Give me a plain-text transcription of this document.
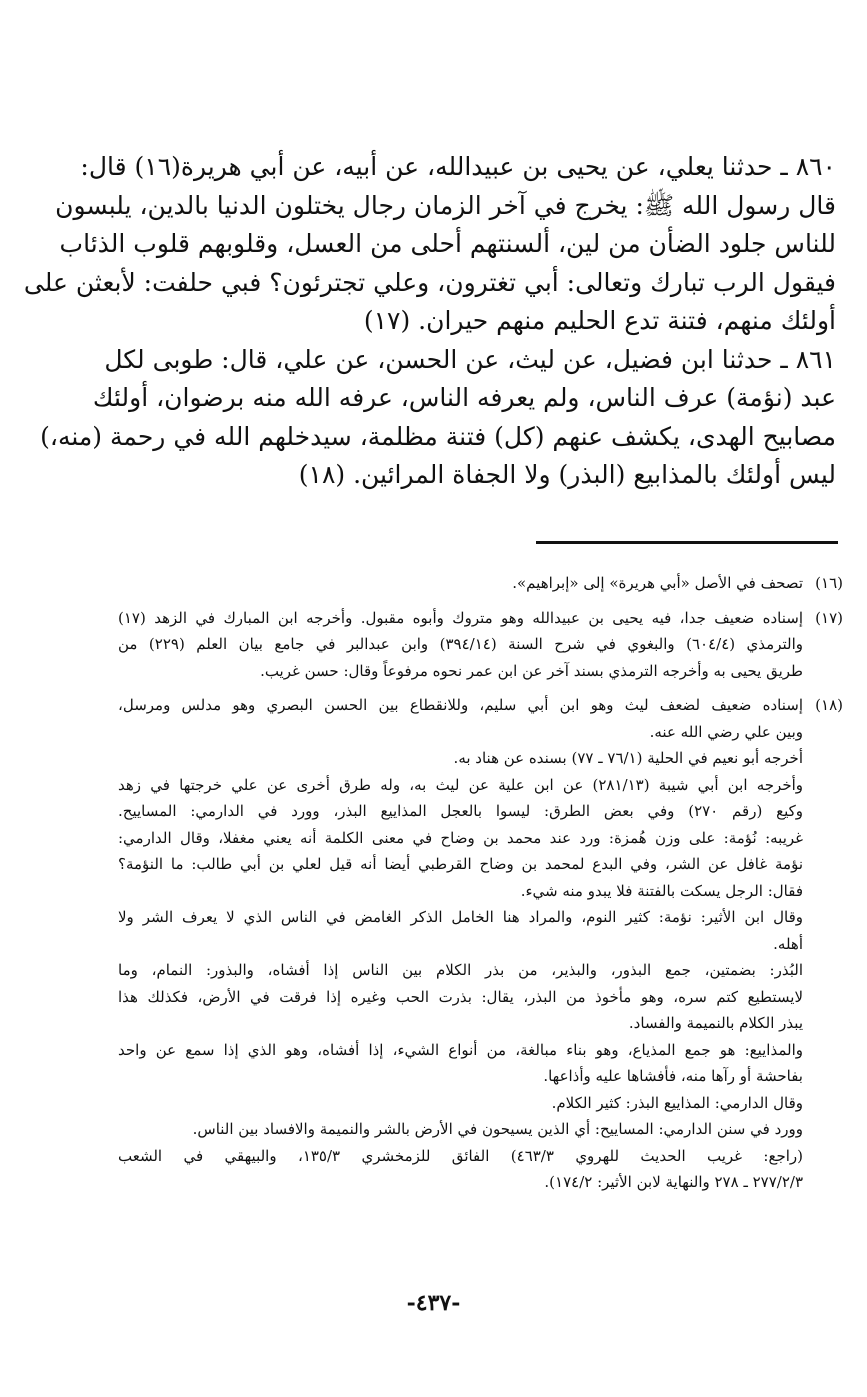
٨٦٠ ـ حدثنا يعلي، عن يحيى بن عبيدالله، عن أبيه، عن أبي هريرة(١٦) قال:
قال رسول الله ﷺ: يخرج في آخر الزمان رجال يختلون الدنيا بالدين، يلبسون
للناس جلود الضأن من لين، ألسنتهم أحلى من العسل، وقلوبهم قلوب الذئاب
فيقول الرب تبارك وتعالى: أبي تغترون، وعلي تجترئون؟ فبي حلفت: لأبعثن على
أولئك منهم، فتنة تدع الحليم منهم حيران. (١٧)
٨٦١ ـ حدثنا ابن فضيل، عن ليث، عن الحسن، عن علي، قال: طوبى لكل
عبد (نؤمة) عرف الناس، ولم يعرفه الناس، عرفه الله منه برضوان، أولئك
مصابيح الهدى، يكشف عنهم (كل) فتنة مظلمة، سيدخلهم الله في رحمة (منه،)
ليس أولئك بالمذابيع (البذر) ولا الجفاة المرائين. (١٨)
(١٦)
تصحف في الأصل «أبي هريرة» إلى «إبراهيم».
(١٧)
إسناده ضعيف جدا، فيه يحيى بن عبيدالله وهو متروك وأبوه مقبول. وأخرجه ابن المبارك في الزهد (١٧)
والترمذي (٦٠٤/٤) والبغوي في شرح السنة (٣٩٤/١٤) وابن عبدالبر في جامع بيان العلم (٢٢٩) من
طريق يحيى به وأخرجه الترمذي بسند آخر عن ابن عمر نحوه مرفوعاً وقال: حسن غريب.
(١٨)
إسناده ضعيف لضعف ليث وهو ابن أبي سليم، وللانقطاع بين الحسن البصري وهو مدلس ومرسل،
وبين علي رضي الله عنه.
أخرجه أبو نعيم في الحلية (٧٦/١ ـ ٧٧) بسنده عن هناد به.
وأخرجه ابن أبي شيبة (٢٨١/١٣) عن ابن علية عن ليث به، وله طرق أخرى عن علي خرجتها في زهد
وكيع (رقم ٢٧٠) وفي بعض الطرق: ليسوا بالعجل المذاييع البذر، وورد في الدارمي: المساييح.
غريبه: نُؤمة: على وزن هُمزة: ورد عند محمد بن وضاح في معنى الكلمة أنه يعني مغفلا، وقال الدارمي:
نؤمة غافل عن الشر، وفي البدع لمحمد بن وضاح القرطبي أيضا أنه قيل لعلي بن أبي طالب: ما النؤمة؟
فقال: الرجل يسكت بالفتنة فلا يبدو منه شيء.
وقال ابن الأثير: نؤمة: كثير النوم، والمراد هنا الخامل الذكر الغامض في الناس الذي لا يعرف الشر ولا
أهله.
البُذر: بضمتين، جمع البذور، والبذير، من بذر الكلام بين الناس إذا أفشاه، والبذور: النمام، وما
لايستطيع كتم سره، وهو مأخوذ من البذر، يقال: بذرت الحب وغيره إذا فرقت في الأرض، فكذلك هذا
يبذر الكلام بالنميمة والفساد.
والمذاييع: هو جمع المذياع، وهو بناء مبالغة، من أنواع الشيء، إذا أفشاه، وهو الذي إذا سمع عن واحد
بفاحشة أو رآها منه، فأفشاها عليه وأذاعها.
وقال الدارمي: المذاييع البذر: كثير الكلام.
وورد في سنن الدارمي: المساييح: أي الذين يسيحون في الأرض بالشر والنميمة والافساد بين الناس.
(راجع: غريب الحديث للهروي ٤٦٣/٣) الفائق للزمخشري ١٣٥/٣، والبيهقي في الشعب
٢٧٧/٢/٣ ـ ٢٧٨ والنهاية لابن الأثير: ١٧٤/٢).
-٤٣٧-
